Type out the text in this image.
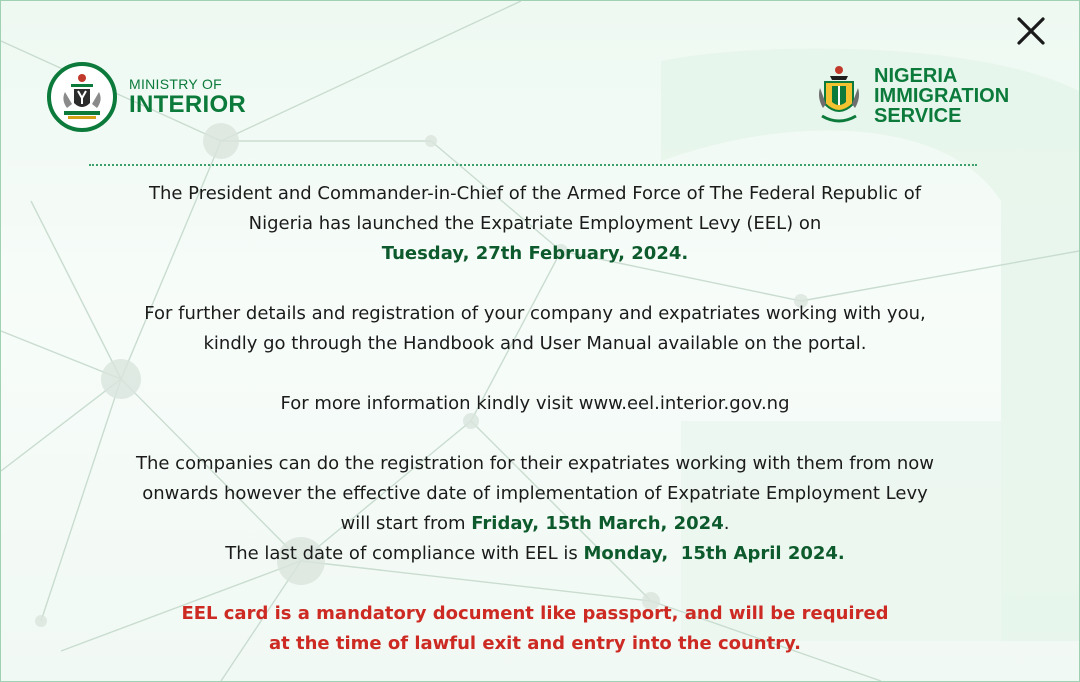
MINISTRY OF
INTERIOR
NIGERIA
IMMIGRATION
SERVICE

The President and Commander-in-Chief of the Armed Force of The Federal Republic of

Nigeria has launched the Expatriate Employment Levy (EEL) on

Tuesday, 27th February, 2024.

For further details and registration of your company and expatriates working with you,

kindly go through the Handbook and User Manual available on the portal.

For more information kindly visit www.eel.interior.gov.ng

The companies can do the registration for their expatriates working with them from now

onwards however the effective date of implementation of Expatriate Employment Levy

will start from Friday, 15th March, 2024.

The last date of compliance with EEL is Monday,  15th April 2024.

EEL card is a mandatory document like passport, and will be required

at the time of lawful exit and entry into the country.
